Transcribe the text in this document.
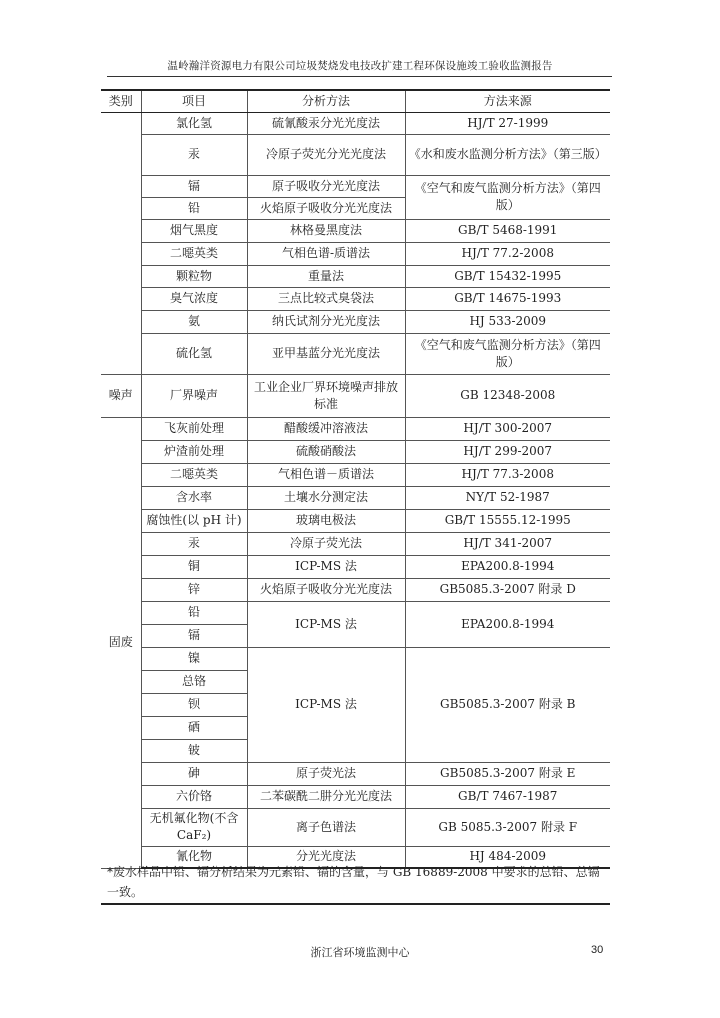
温岭瀚洋资源电力有限公司垃圾焚烧发电技改扩建工程环保设施竣工验收监测报告
类别	项目	分析方法	方法来源
	氯化氢	硫氰酸汞分光光度法	HJ/T 27-1999
	汞	冷原子荧光分光光度法	《水和废水监测分析方法》（第三版）
	镉	原子吸收分光光度法	《空气和废气监测分析方法》（第四版）
	铅	火焰原子吸收分光光度法	
	烟气黑度	林格曼黑度法	GB/T 5468-1991
	二噁英类	气相色谱-质谱法	HJ/T 77.2-2008
	颗粒物	重量法	GB/T 15432-1995
	臭气浓度	三点比较式臭袋法	GB/T 14675-1993
	氨	纳氏试剂分光光度法	HJ 533-2009
	硫化氢	亚甲基蓝分光光度法	《空气和废气监测分析方法》（第四版）
噪声	厂界噪声	工业企业厂界环境噪声排放标准	GB 12348-2008
固废	飞灰前处理	醋酸缓冲溶液法	HJ/T 300-2007
	炉渣前处理	硫酸硝酸法	HJ/T 299-2007
	二噁英类	气相色谱－质谱法	HJ/T 77.3-2008
	含水率	土壤水分测定法	NY/T 52-1987
	腐蚀性(以 pH 计)	玻璃电极法	GB/T 15555.12-1995
	汞	冷原子荧光法	HJ/T 341-2007
	铜	ICP-MS 法	EPA200.8-1994
	锌	火焰原子吸收分光光度法	GB5085.3-2007 附录 D
	铅	ICP-MS 法	EPA200.8-1994
	镉		
	镍	ICP-MS 法	GB5085.3-2007 附录 B
	总铬		
	钡		
	硒		
	铍		
	砷	原子荧光法	GB5085.3-2007 附录 E
	六价铬	二苯碳酰二肼分光光度法	GB/T 7467-1987
	无机氟化物(不含 CaF₂)	离子色谱法	GB 5085.3-2007 附录 F
	氰化物	分光光度法	HJ 484-2009
*废水样品中铅、镉分析结果为元素铅、镉的含量，与 GB 16889-2008 中要求的总铅、总镉一致。
浙江省环境监测中心	30
